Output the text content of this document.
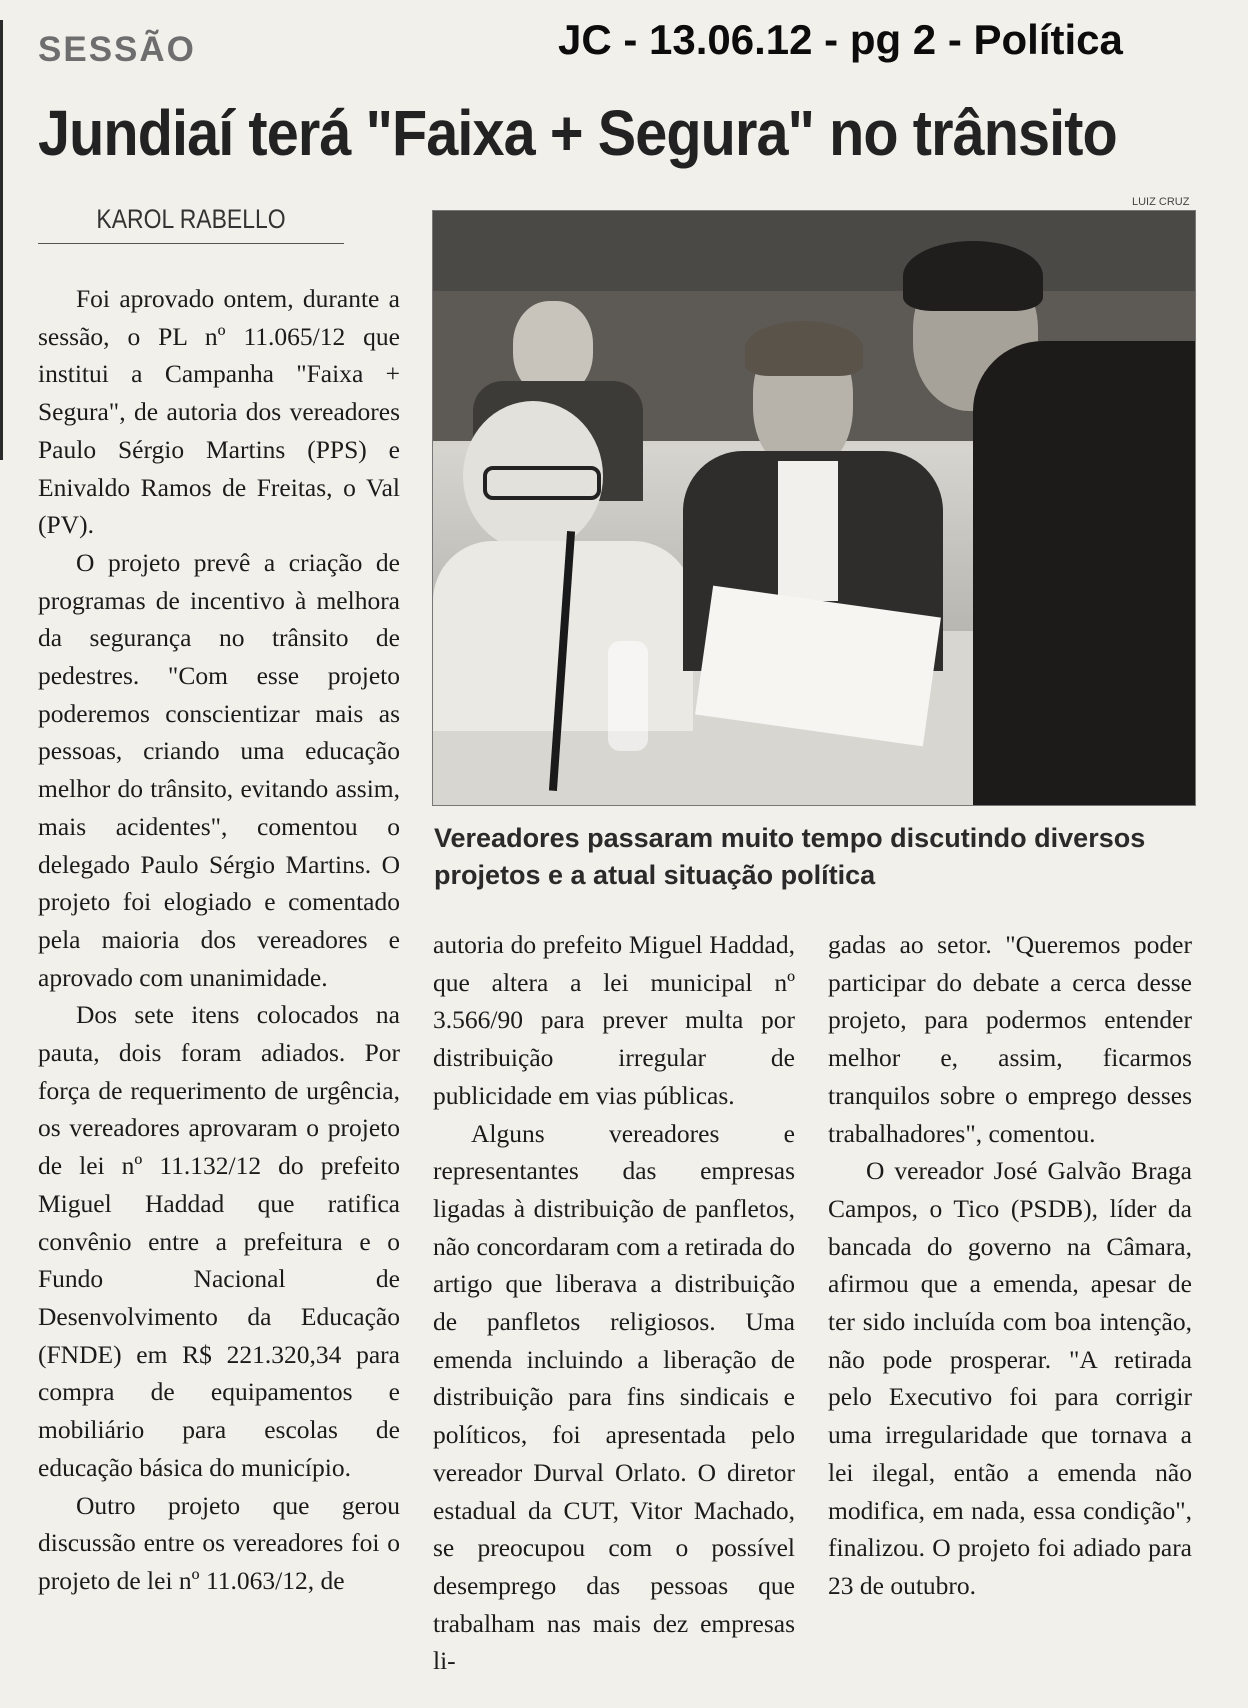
SESSÃO	JC - 13.06.12 - pg 2 - Política
Jundiaí terá "Faixa + Segura" no trânsito
KAROL RABELLO
LUIZ CRUZ
Vereadores passaram muito tempo discutindo diversos projetos e a atual situação política

Foi aprovado ontem, durante a sessão, o PL nº 11.065/12 que institui a Campanha "Faixa + Segura", de autoria dos vereadores Paulo Sérgio Martins (PPS) e Enivaldo Ramos de Freitas, o Val (PV).

O projeto prevê a criação de programas de incentivo à melhora da segurança no trânsito de pedestres. "Com esse projeto poderemos conscientizar mais as pessoas, criando uma educação melhor do trânsito, evitando assim, mais acidentes", comentou o delegado Paulo Sérgio Martins. O projeto foi elogiado e comentado pela maioria dos vereadores e aprovado com unanimidade.

Dos sete itens colocados na pauta, dois foram adiados. Por força de requerimento de urgência, os vereadores aprovaram o projeto de lei nº 11.132/12 do prefeito Miguel Haddad que ratifica convênio entre a prefeitura e o Fundo Nacional de Desenvolvimento da Educação (FNDE) em R$ 221.320,34 para compra de equipamentos e mobiliário para escolas de educação básica do município.

Outro projeto que gerou discussão entre os vereadores foi o projeto de lei nº 11.063/12, de

autoria do prefeito Miguel Haddad, que altera a lei municipal nº 3.566/90 para prever multa por distribuição irregular de publicidade em vias públicas.

Alguns vereadores e representantes das empresas ligadas à distribuição de panfletos, não concordaram com a retirada do artigo que liberava a distribuição de panfletos religiosos. Uma emenda incluindo a liberação de distribuição para fins sindicais e políticos, foi apresentada pelo vereador Durval Orlato. O diretor estadual da CUT, Vitor Machado, se preocupou com o possível desemprego das pessoas que trabalham nas mais dez empresas li-

gadas ao setor. "Queremos poder participar do debate a cerca desse projeto, para podermos entender melhor e, assim, ficarmos tranquilos sobre o emprego desses trabalhadores", comentou.

O vereador José Galvão Braga Campos, o Tico (PSDB), líder da bancada do governo na Câmara, afirmou que a emenda, apesar de ter sido incluída com boa intenção, não pode prosperar. "A retirada pelo Executivo foi para corrigir uma irregularidade que tornava a lei ilegal, então a emenda não modifica, em nada, essa condição", finalizou. O projeto foi adiado para 23 de outubro.
